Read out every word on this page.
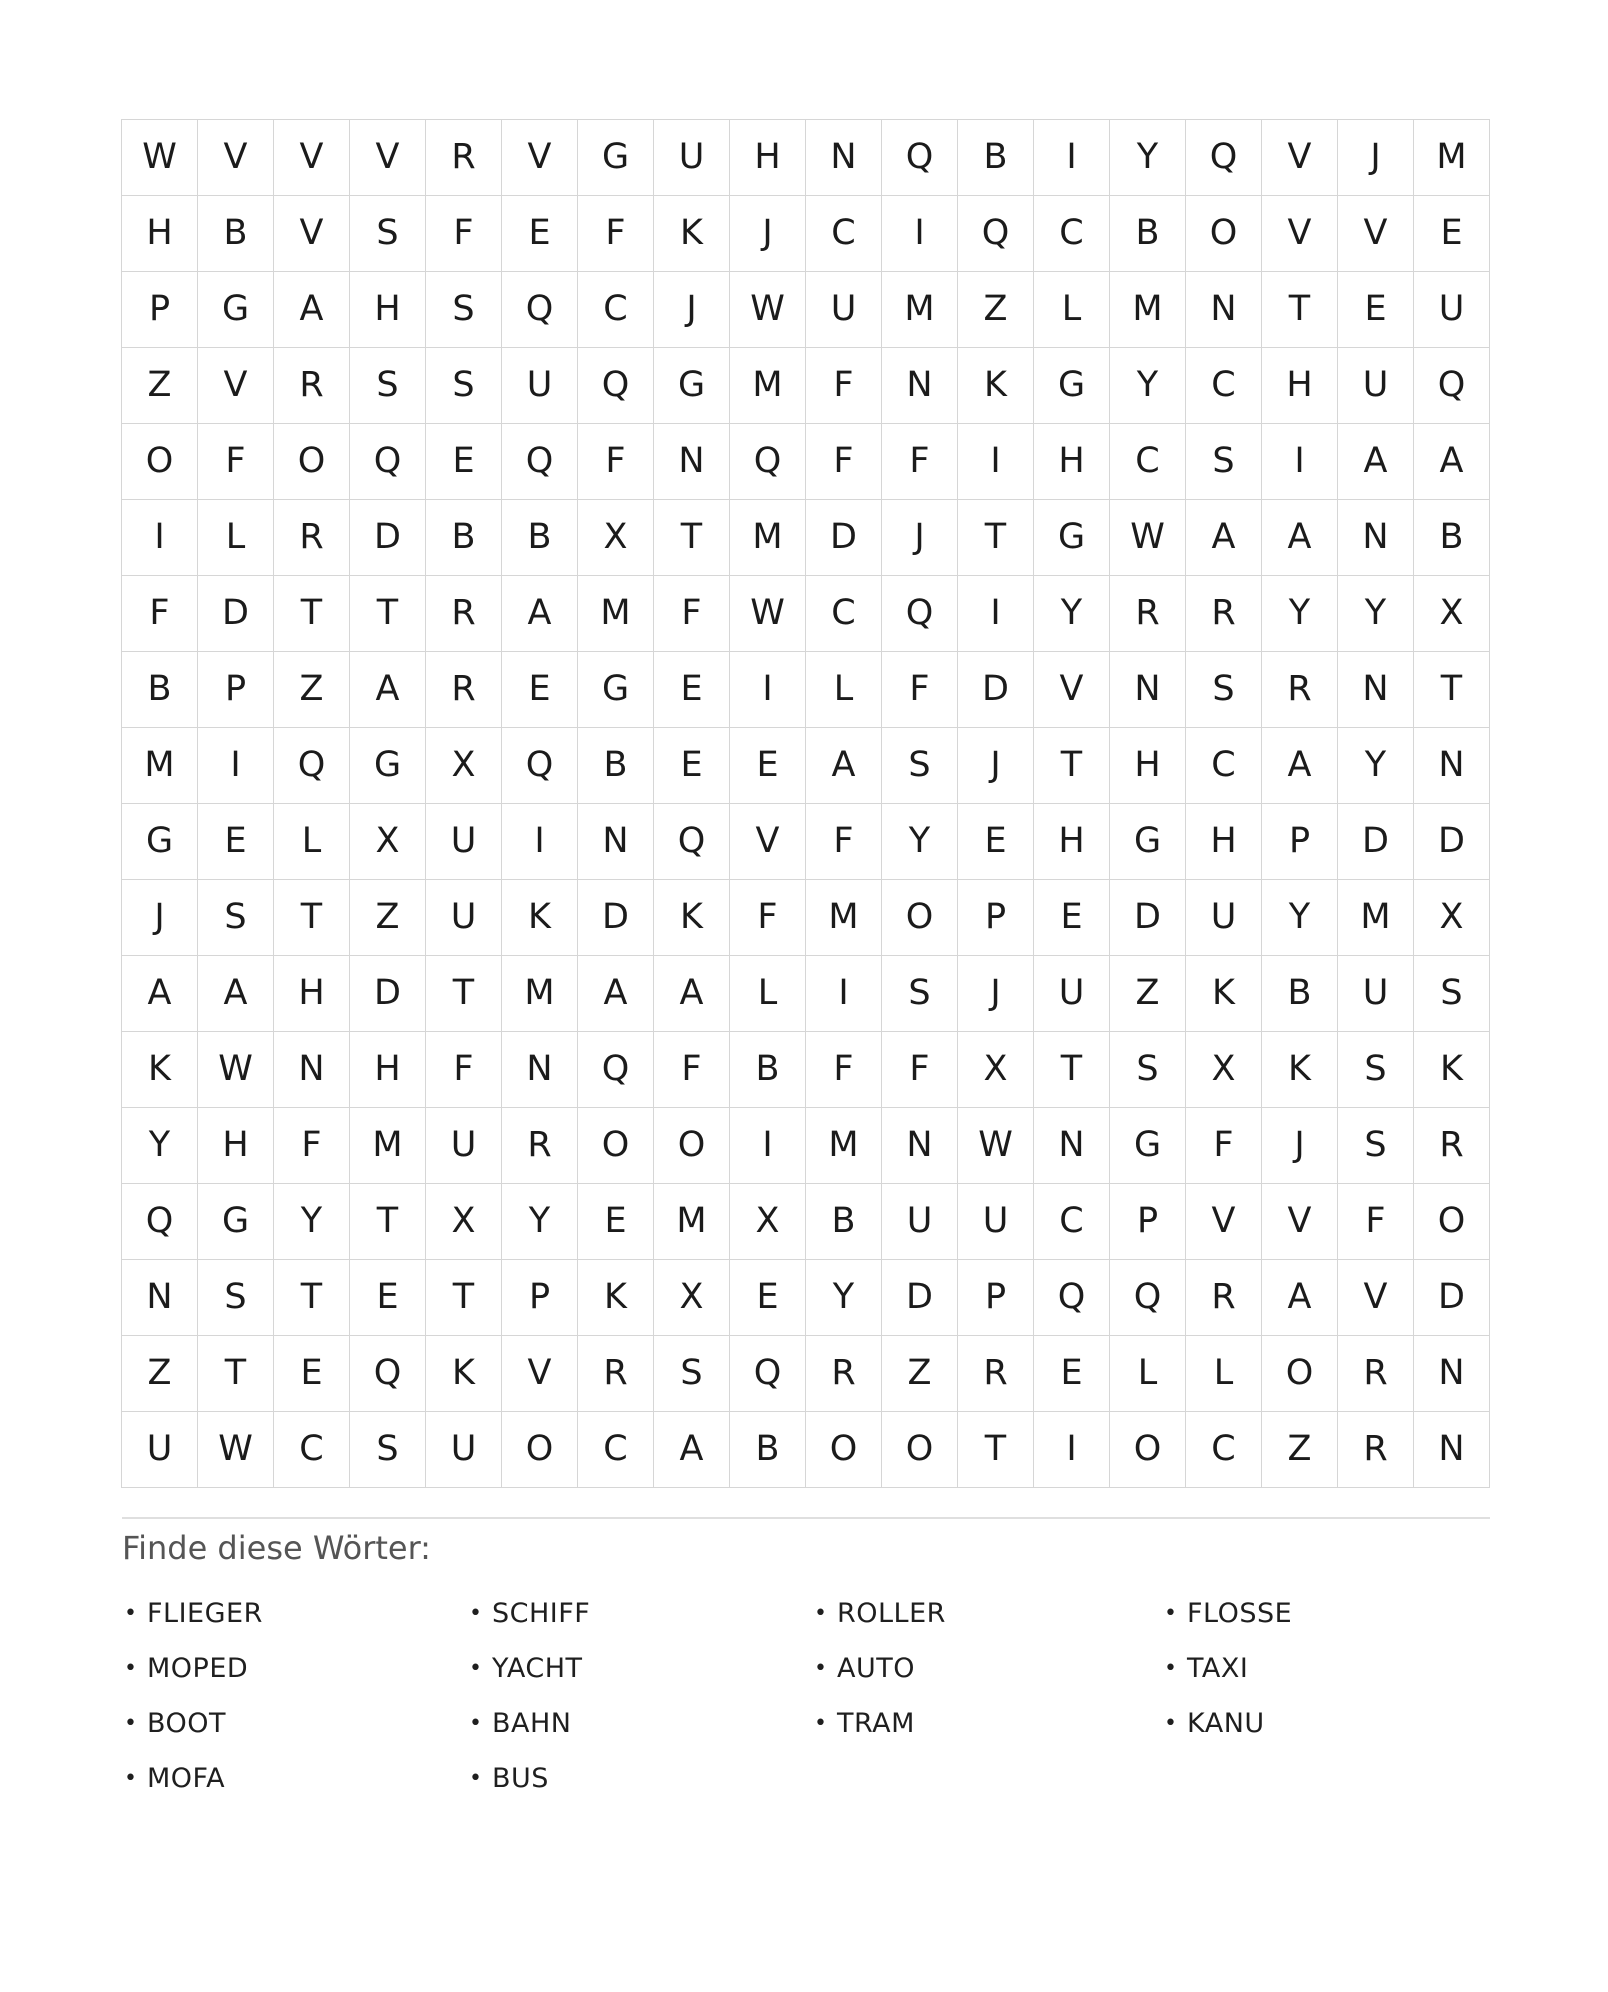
W	V	V	V	R	V	G	U	H	N	Q	B	I	Y	Q	V	J	M
H	B	V	S	F	E	F	K	J	C	I	Q	C	B	O	V	V	E
P	G	A	H	S	Q	C	J	W	U	M	Z	L	M	N	T	E	U
Z	V	R	S	S	U	Q	G	M	F	N	K	G	Y	C	H	U	Q
O	F	O	Q	E	Q	F	N	Q	F	F	I	H	C	S	I	A	A
I	L	R	D	B	B	X	T	M	D	J	T	G	W	A	A	N	B
F	D	T	T	R	A	M	F	W	C	Q	I	Y	R	R	Y	Y	X
B	P	Z	A	R	E	G	E	I	L	F	D	V	N	S	R	N	T
M	I	Q	G	X	Q	B	E	E	A	S	J	T	H	C	A	Y	N
G	E	L	X	U	I	N	Q	V	F	Y	E	H	G	H	P	D	D
J	S	T	Z	U	K	D	K	F	M	O	P	E	D	U	Y	M	X
A	A	H	D	T	M	A	A	L	I	S	J	U	Z	K	B	U	S
K	W	N	H	F	N	Q	F	B	F	F	X	T	S	X	K	S	K
Y	H	F	M	U	R	O	O	I	M	N	W	N	G	F	J	S	R
Q	G	Y	T	X	Y	E	M	X	B	U	U	C	P	V	V	F	O
N	S	T	E	T	P	K	X	E	Y	D	P	Q	Q	R	A	V	D
Z	T	E	Q	K	V	R	S	Q	R	Z	R	E	L	L	O	R	N
U	W	C	S	U	O	C	A	B	O	O	T	I	O	C	Z	R	N
Finde diese Wörter:
• FLIEGER
• MOPED
• BOOT
• MOFA
• SCHIFF
• YACHT
• BAHN
• BUS
• ROLLER
• AUTO
• TRAM
• FLOSSE
• TAXI
• KANU
